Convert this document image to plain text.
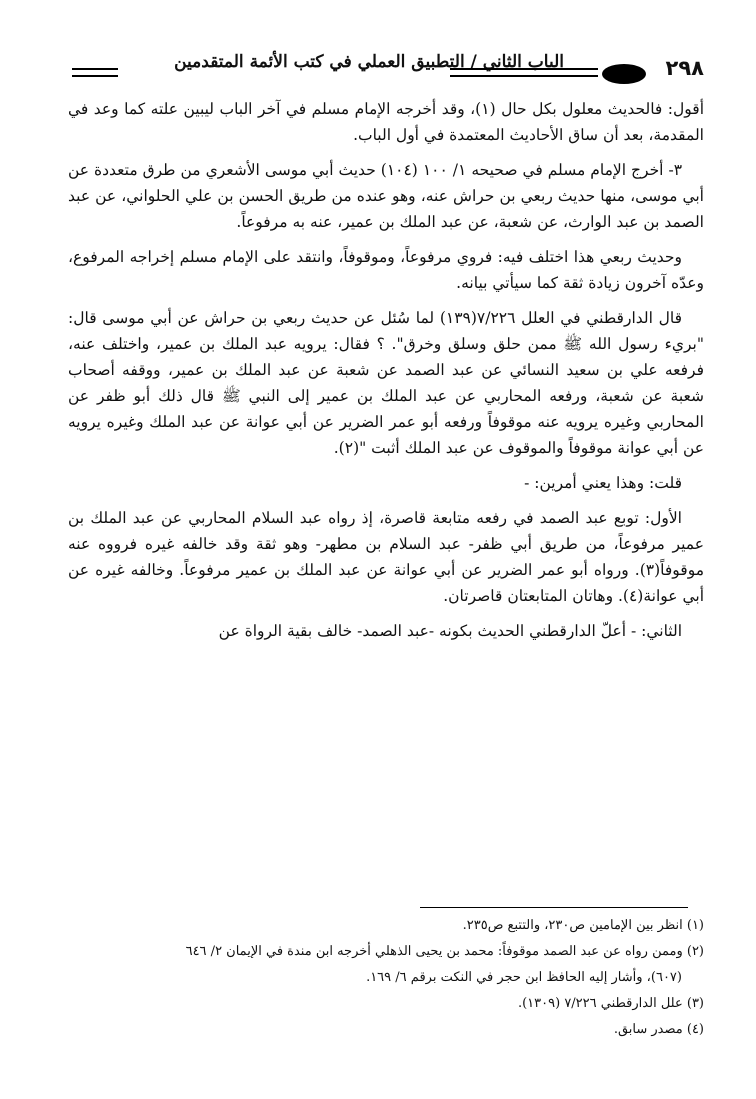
٢٩٨
الباب الثاني / التطبيق العملي في كتب الأئمة المتقدمين

أقول: فالحديث معلول بكل حال (١)، وقد أخرجه الإمام مسلم في آخر الباب ليبين علته كما وعد في المقدمة، بعد أن ساق الأحاديث المعتمدة في أول الباب.

٣- أخرج الإمام مسلم في صحيحه ١/ ١٠٠ (١٠٤) حديث أبي موسى الأشعري من طرق متعددة عن أبي موسى، منها حديث ربعي بن حراش عنه، وهو عنده من طريق الحسن بن علي الحلواني، عن عبد الصمد بن عبد الوارث، عن شعبة، عن عبد الملك بن عمير، عنه به مرفوعاً.

وحديث ربعي هذا اختلف فيه: فروي مرفوعاً، وموقوفاً، وانتقد على الإمام مسلم إخراجه المرفوع، وعدّه آخرون زيادة ثقة كما سيأتي بيانه.

قال الدارقطني في العلل ٧/٢٢٦(١٣٩) لما سُئل عن حديث ربعي بن حراش عن أبي موسى قال: "بريء رسول الله ﷺ ممن حلق وسلق وخرق". ؟ فقال: يرويه عبد الملك بن عمير، واختلف عنه، فرفعه علي بن سعيد النسائي عن عبد الصمد عن شعبة عن عبد الملك بن عمير، ووقفه أصحاب شعبة عن شعبة، ورفعه المحاربي عن عبد الملك بن عمير إلى النبي ﷺ قال ذلك أبو ظفر عن المحاربي وغيره يرويه عنه موقوفاً ورفعه أبو عمر الضرير عن أبي عوانة عن عبد الملك وغيره يرويه عن أبي عوانة موقوفاً والموقوف عن عبد الملك أثبت "(٢).

قلت: وهذا يعني أمرين: -

الأول: توبع عبد الصمد في رفعه متابعة قاصرة، إذ رواه عبد السلام المحاربي عن عبد الملك بن عمير مرفوعاً، من طريق أبي ظفر- عبد السلام بن مطهر- وهو ثقة وقد خالفه غيره فرووه عنه موقوفاً(٣). ورواه أبو عمر الضرير عن أبي عوانة عن عبد الملك بن عمير مرفوعاً. وخالفه غيره عن أبي عوانة(٤). وهاتان المتابعتان قاصرتان.

الثاني: - أعلّ الدارقطني الحديث بكونه -عبد الصمد- خالف بقية الرواة عن

(١) انظر بين الإمامين ص٢٣٠، والتتبع ص٢٣٥.

(٢) وممن رواه عن عبد الصمد موقوفاً: محمد بن يحيى الذهلي أخرجه ابن مندة في الإيمان ٢/ ٦٤٦

(٦٠٧)، وأشار إليه الحافظ ابن حجر في النكت برقم ٦/ ١٦٩.

(٣) علل الدارقطني ٧/٢٢٦ (١٣٠٩).

(٤) مصدر سابق.
